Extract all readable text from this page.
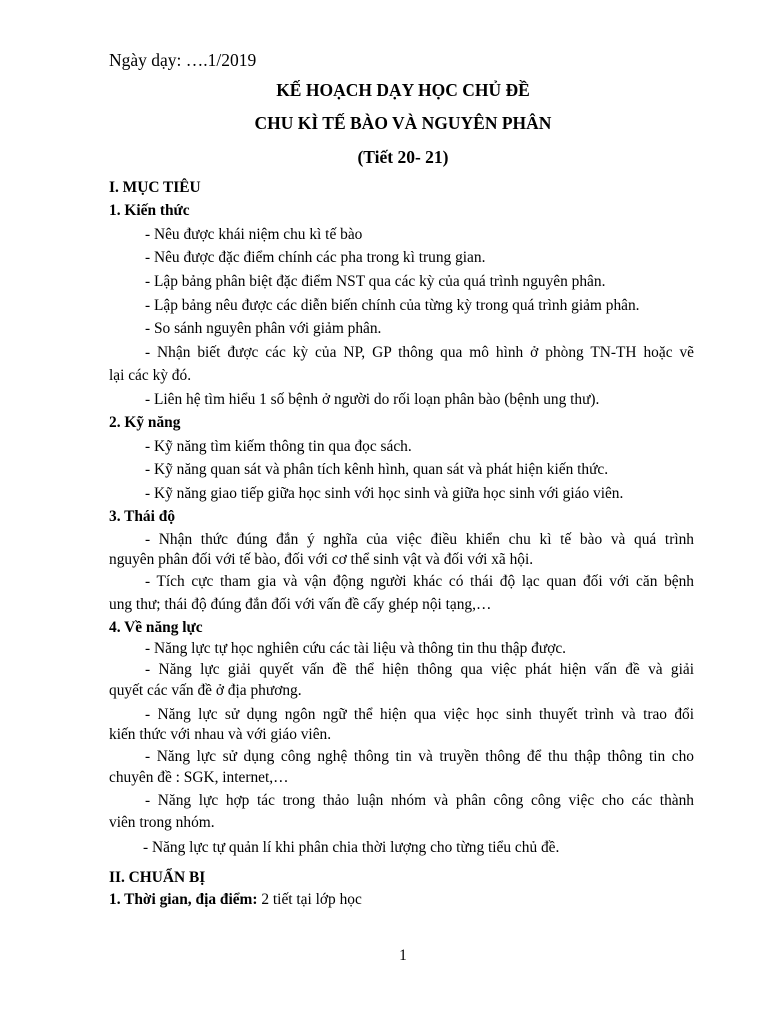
Ngày dạy: ….1/2019
KẾ HOẠCH DẠY HỌC CHỦ ĐỀ
CHU KÌ TẾ BÀO VÀ NGUYÊN PHÂN
(Tiết 20- 21)
I. MỤC TIÊU
1. Kiến thức
- Nêu được khái niệm chu kì tế bào
- Nêu được đặc điểm chính các pha trong kì trung gian.
- Lập bảng phân biệt đặc điểm NST qua các kỳ của quá trình nguyên phân.
- Lập bảng nêu được các diễn biến chính của từng kỳ trong quá trình giảm phân.
- So sánh nguyên phân với giảm phân.
- Nhận biết được các kỳ của NP, GP thông qua mô hình ở phòng TN-TH hoặc vẽ
lại các kỳ đó.
- Liên hệ tìm hiểu 1 số bệnh ở người do rối loạn phân bào (bệnh ung thư).
2. Kỹ năng
- Kỹ năng tìm kiếm thông tin qua đọc sách.
- Kỹ năng quan sát và phân tích kênh hình, quan sát và phát hiện kiến thức.
- Kỹ năng giao tiếp giữa học sinh với học sinh và giữa học sinh với giáo viên.
3. Thái độ
- Nhận thức đúng đắn ý nghĩa của việc điều khiển chu kì tế bào và quá trình
nguyên phân đối với tế bào, đối với cơ thể sinh vật và đối với xã hội.
- Tích cực tham gia và vận động người khác có thái độ lạc quan đối với căn bệnh
ung thư; thái độ đúng đắn đối với vấn đề cấy ghép nội tạng,…
4. Về năng lực
- Năng lực tự học nghiên cứu các tài liệu và thông tin thu thập được.
- Năng lực giải quyết vấn đề thể hiện thông qua việc phát hiện vấn đề và giải
quyết các vấn đề ở địa phương.
- Năng lực sử dụng ngôn ngữ thể hiện qua việc học sinh thuyết trình và trao đổi
kiến thức với nhau và với giáo viên.
- Năng lực sử dụng công nghệ thông tin và truyền thông để thu thập thông tin cho
chuyên đề : SGK, internet,…
- Năng lực hợp tác trong thảo luận nhóm và phân công công việc cho các thành
viên trong nhóm.
- Năng lực tự quản lí khi phân chia thời lượng cho từng tiểu chủ đề.
II. CHUẨN BỊ
1. Thời gian, địa điểm: 2 tiết tại lớp học
1
